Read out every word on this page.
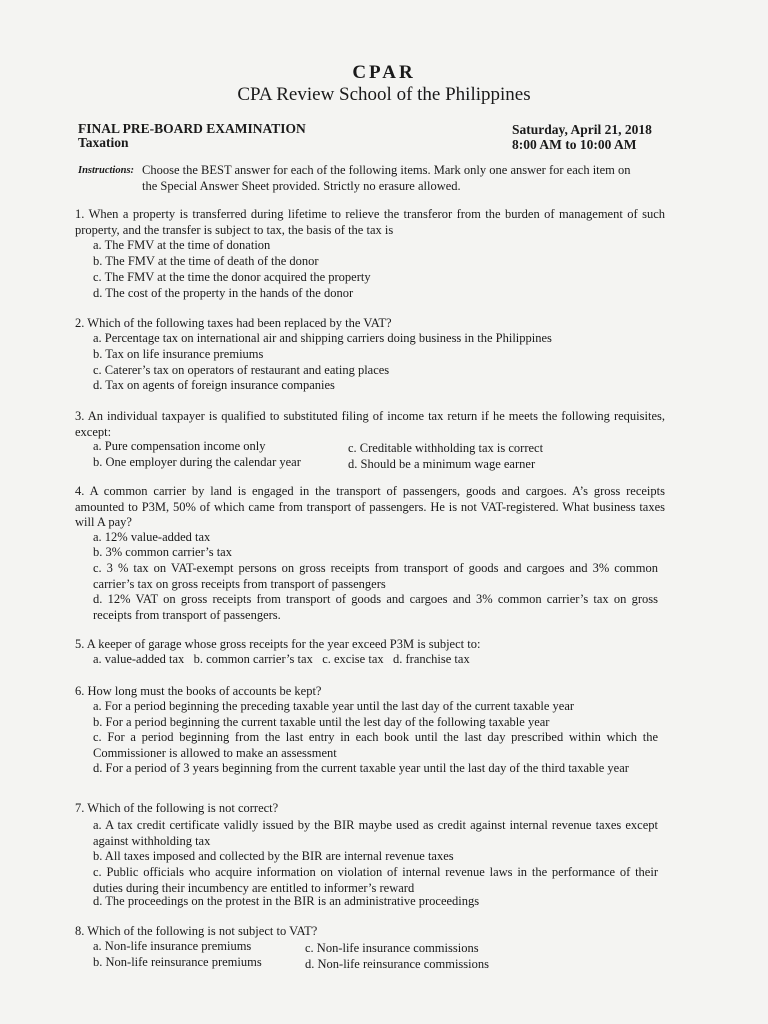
CPAR
CPA Review School of the Philippines
FINAL PRE-BOARD EXAMINATION
Taxation
Saturday, April 21, 2018
8:00 AM to 10:00 AM
Instructions: Choose the BEST answer for each of the following items. Mark only one answer for each item on
the Special Answer Sheet provided. Strictly no erasure allowed.
1. When a property is transferred during lifetime to relieve the transferor from the burden of management of such property, and the transfer is subject to tax, the basis of the tax is
a. The FMV at the time of donation
b. The FMV at the time of death of the donor
c. The FMV at the time the donor acquired the property
d. The cost of the property in the hands of the donor
2. Which of the following taxes had been replaced by the VAT?
a. Percentage tax on international air and shipping carriers doing business in the Philippines
b. Tax on life insurance premiums
c. Caterer’s tax on operators of restaurant and eating places
d. Tax on agents of foreign insurance companies
3. An individual taxpayer is qualified to substituted filing of income tax return if he meets the following requisites, except:
a. Pure compensation income only	c. Creditable withholding tax is correct
b. One employer during the calendar year	d. Should be a minimum wage earner
4. A common carrier by land is engaged in the transport of passengers, goods and cargoes. A’s gross receipts amounted to P3M, 50% of which came from transport of passengers. He is not VAT-registered. What business taxes will A pay?
a. 12% value-added tax
b. 3% common carrier’s tax
c. 3 % tax on VAT-exempt persons on gross receipts from transport of goods and cargoes and 3% common carrier’s tax on gross receipts from transport of passengers
d. 12% VAT on gross receipts from transport of goods and cargoes and 3% common carrier’s tax on gross receipts from transport of passengers.
5. A keeper of garage whose gross receipts for the year exceed P3M is subject to:
a. value-added tax   b. common carrier’s tax   c. excise tax   d. franchise tax
6. How long must the books of accounts be kept?
a. For a period beginning the preceding taxable year until the last day of the current taxable year
b. For a period beginning the current taxable until the lest day of the following taxable year
c. For a period beginning from the last entry in each book until the last day prescribed within which the Commissioner is allowed to make an assessment
d. For a period of 3 years beginning from the current taxable year until the last day of the third taxable year
7. Which of the following is not correct?
a. A tax credit certificate validly issued by the BIR maybe used as credit against internal revenue taxes except against withholding tax
b. All taxes imposed and collected by the BIR are internal revenue taxes
c. Public officials who acquire information on violation of internal revenue laws in the performance of their duties during their incumbency are entitled to informer’s reward
d. The proceedings on the protest in the BIR is an administrative proceedings
8. Which of the following is not subject to VAT?
a. Non-life insurance premiums	c. Non-life insurance commissions
b. Non-life reinsurance premiums	d. Non-life reinsurance commissions
